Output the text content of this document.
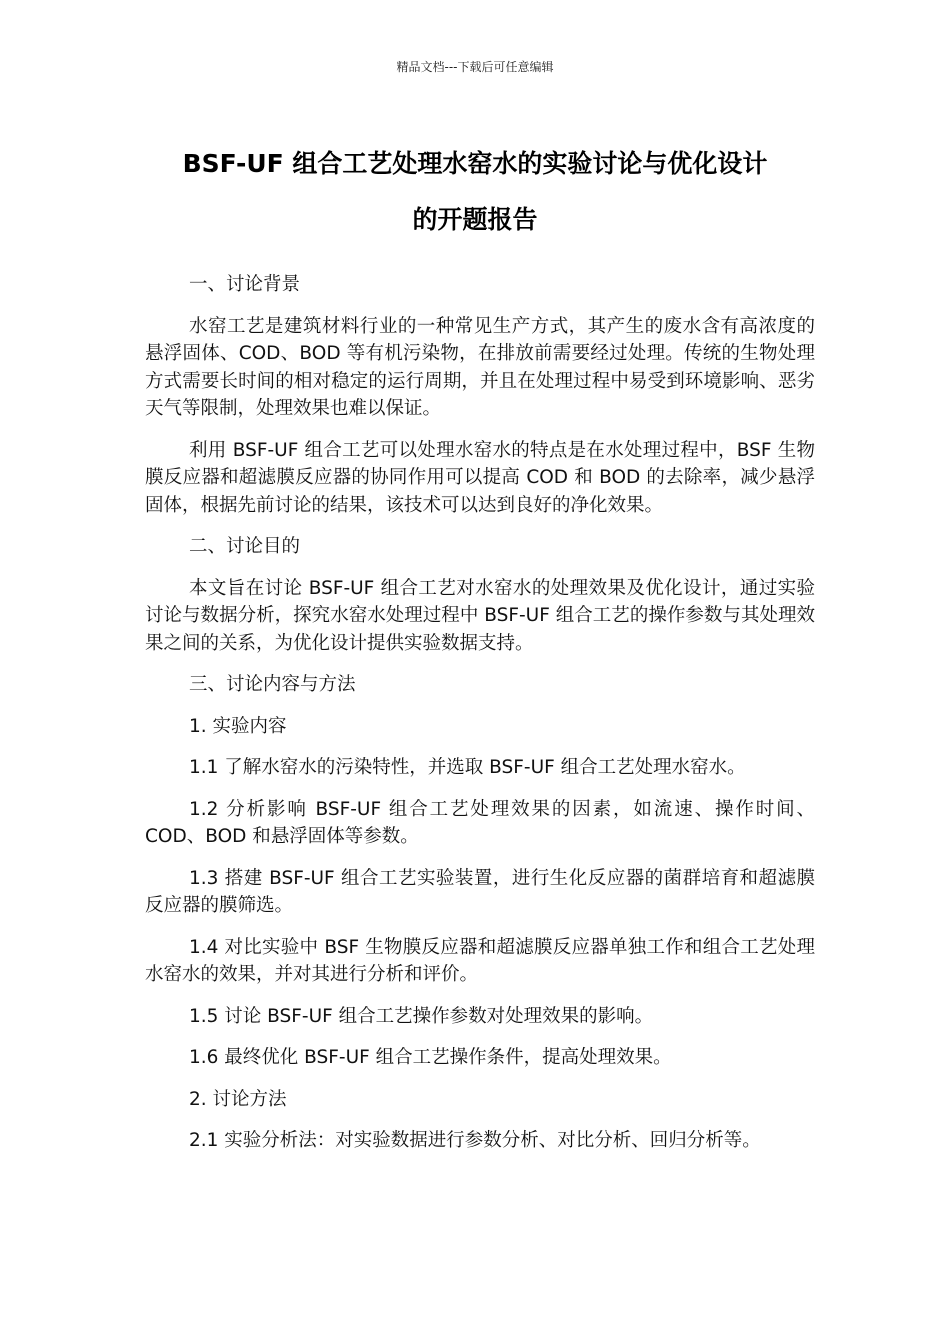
精品文档---下载后可任意编辑
BSF-UF 组合工艺处理水窑水的实验讨论与优化设计
的开题报告

一、讨论背景

水窑工艺是建筑材料行业的一种常见生产方式，其产生的废水含有高浓度的悬浮固体、COD、BOD 等有机污染物，在排放前需要经过处理。传统的生物处理方式需要长时间的相对稳定的运行周期，并且在处理过程中易受到环境影响、恶劣天气等限制，处理效果也难以保证。

利用 BSF-UF 组合工艺可以处理水窑水的特点是在水处理过程中，BSF 生物膜反应器和超滤膜反应器的协同作用可以提高 COD 和 BOD 的去除率，减少悬浮固体，根据先前讨论的结果，该技术可以达到良好的净化效果。

二、讨论目的

本文旨在讨论 BSF-UF 组合工艺对水窑水的处理效果及优化设计，通过实验讨论与数据分析，探究水窑水处理过程中 BSF-UF 组合工艺的操作参数与其处理效果之间的关系，为优化设计提供实验数据支持。

三、讨论内容与方法

1. 实验内容

1.1 了解水窑水的污染特性，并选取 BSF-UF 组合工艺处理水窑水。

1.2 分析影响 BSF-UF 组合工艺处理效果的因素，如流速、操作时间、COD、BOD 和悬浮固体等参数。

1.3 搭建 BSF-UF 组合工艺实验装置，进行生化反应器的菌群培育和超滤膜反应器的膜筛选。

1.4 对比实验中 BSF 生物膜反应器和超滤膜反应器单独工作和组合工艺处理水窑水的效果，并对其进行分析和评价。

1.5 讨论 BSF-UF 组合工艺操作参数对处理效果的影响。

1.6 最终优化 BSF-UF 组合工艺操作条件，提高处理效果。

2. 讨论方法

2.1 实验分析法：对实验数据进行参数分析、对比分析、回归分析等。
